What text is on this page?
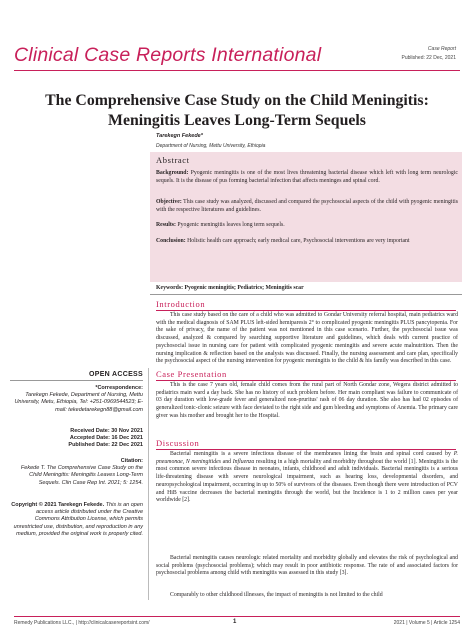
Clinical Case Reports International	Case Report
Published: 22 Dec, 2021
The Comprehensive Case Study on the Child Meningitis: Meningitis Leaves Long-Term Sequels
Tarekegn Fekede*
Department of Nursing, Mettu University, Ethiopia
Abstract
Background: Pyogenic meningitis is one of the most lives threatening bacterial disease which left with long term neurologic sequels. It is the disease of pus forming bacterial infection that affects meninges and spinal cord.
Objective: This case study was analyzed, discussed and compared the psychosocial aspects of the child with pyogenic meningitis with the respective literatures and guidelines.
Results: Pyogenic meningitis leaves long term sequels.
Conclusion: Holistic health care approach; early medical care, Psychosocial interventions are very important
Keywords: Pyogenic meningitis; Pediatrics; Meningitis scar
Introduction
This case study based on the care of a child who was admitted to Gondar University referral hospital, main pediatrics ward with the medical diagnosis of SAM PLUS left-sided hemiparesis 2° to complicated pyogenic meningitis PLUS pancytopenia. For the sake of privacy, the name of the patient was not mentioned in this case scenario. Further, the psychosocial issue was discussed, analyzed & compared by searching supportive literature and guidelines, which deals with current practice of psychosocial issue in nursing care for patient with complicated pyogenic meningitis and severe acute malnutrition. Then the nursing implication & reflection based on the analysis was discussed. Finally, the nursing assessment and care plan, specifically the psychosocial aspect of the nursing intervention for pyogenic meningitis to the child & his family was described in this case.
Case Presentation
This is the case 7 years old, female child comes from the rural part of North Gondar zone, Wegera district admitted to pediatrics main ward a day back. She has no history of such problem before. Her main compliant was failure to communicate of 03 day duration with low-grade fever and generalized non-pruritus' rash of 06 day duration. She also has had 02 episodes of generalized tonic-clonic seizure with face deviated to the right side and gum bleeding and symptoms of Anemia. The primary care giver was his mother and brought her to the Hospital.
Discussion
Bacterial meningitis is a severe infectious disease of the membranes lining the brain and spinal cord caused by P. pneumonae, N meningitides and Influenza resulting in a high mortality and morbidity throughout the world [1]. Meningitis is the most common severe infectious disease in neonates, infants, childhood and adult individuals. Bacterial meningitis is a serious life-threatening disease with severe neurological impairment, such as hearing loss, developmental disorders, and neuropsychological impairment, occurring in up to 50% of survivors of the diseases. Even though there were introduction of PCV and HiB vaccine decreases the bacterial meningitis through the world, but the Incidence is 1 to 2 million cases per year worldwide [2].
Bacterial meningitis causes neurologic related mortality and morbidity globally and elevates the risk of psychological and social problems (psychosocial problems); which may result in poor antibiotic response. The rate of and associated factors for psychosocial problems among child with meningitis was assessed in this study [3].
Comparably to other childhood illnesses, the impact of meningitis is not limited to the child
OPEN ACCESS
*Correspondence:
Tarekegn Fekede, Department of Nursing, Mettu University, Metu, Ethiopia, Tel: +251-0969544523; E-mail: tekedetarekegn88@gmail.com
Received Date: 30 Nov 2021
Accepted Date: 16 Dec 2021
Published Date: 22 Dec 2021
Citation:
Fekede T. The Comprehensive Case Study on the Child Meningitis: Meningitis Leaves Long-Term Sequels. Clin Case Rep Int. 2021; 5: 1254.
Copyright © 2021 Tarekegn Fekede. This is an open access article distributed under the Creative Commons Attribution License, which permits unrestricted use, distribution, and reproduction in any medium, provided the original work is properly cited.
Remedy Publications LLC., | http://clinicalcasereportsint.com/	1	2021 | Volume 5 | Article 1254
